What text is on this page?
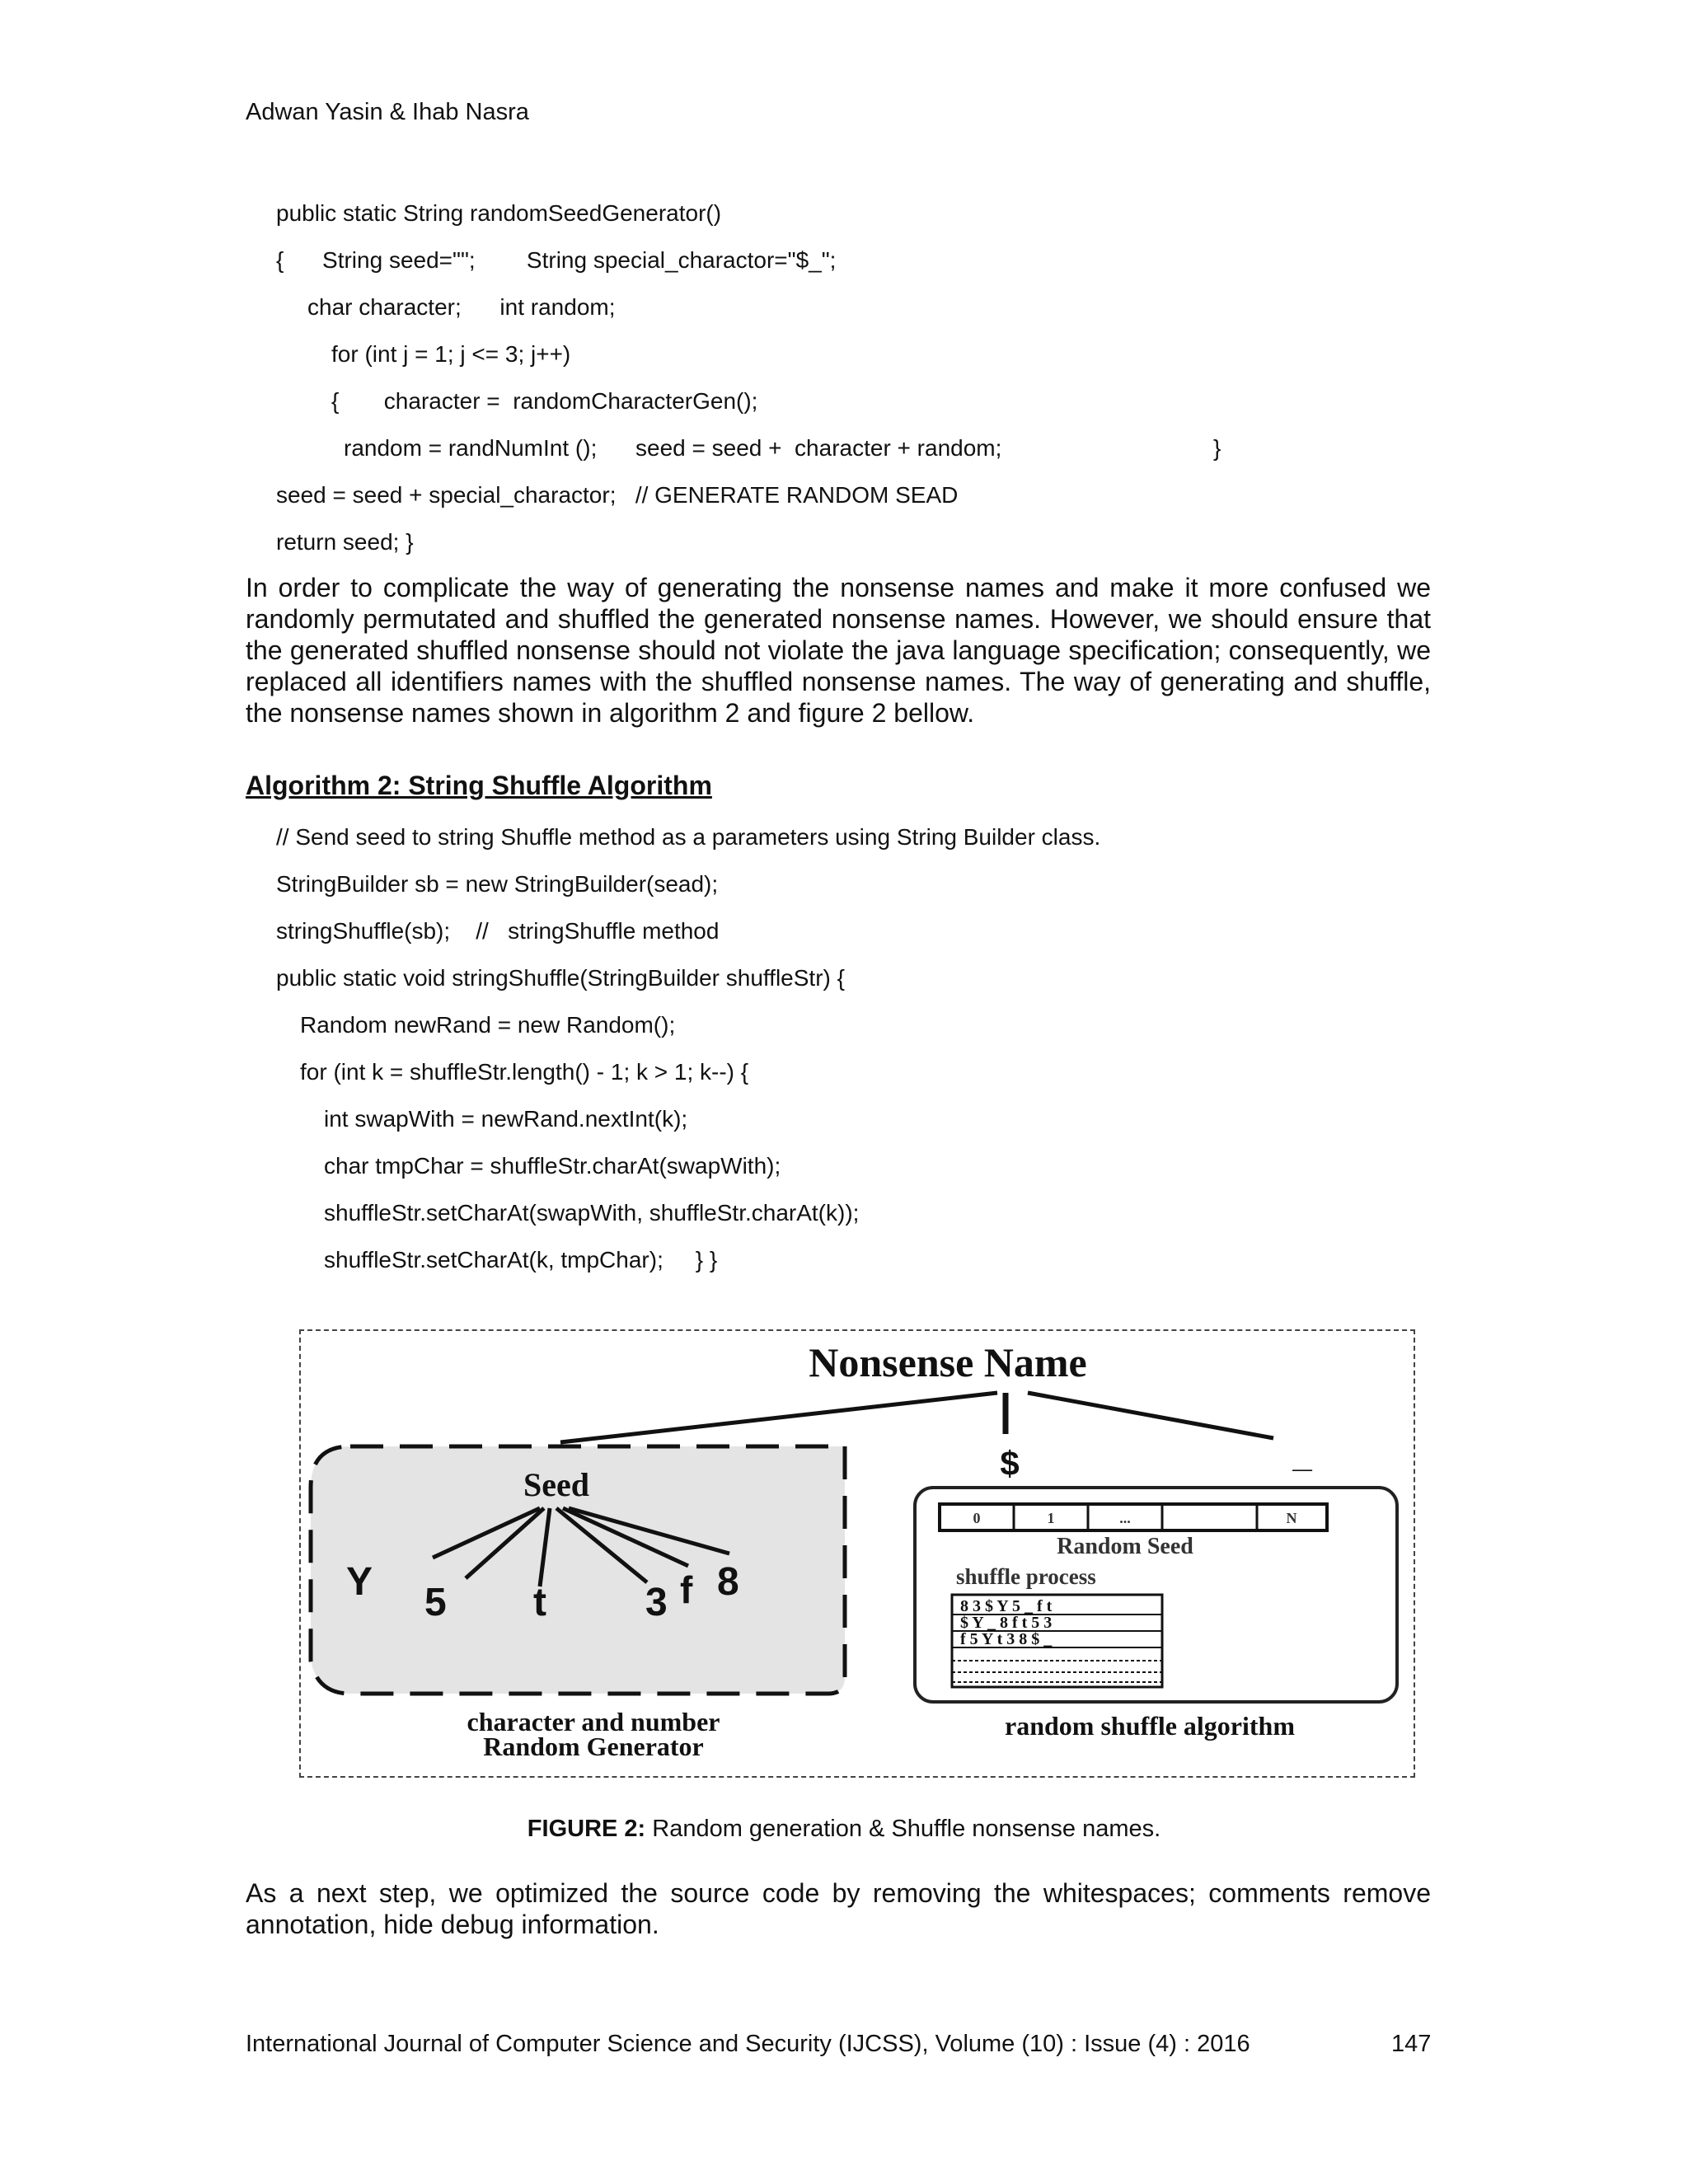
Adwan Yasin & Ihab Nasra
public static String randomSeedGenerator()
{      String seed="";        String special_charactor="$_";
char character;      int random;
for (int j = 1; j <= 3; j++)
{       character =  randomCharacterGen();
random = randNumInt ();      seed = seed +  character + random;	}
seed = seed + special_charactor;   // GENERATE RANDOM SEAD
return seed; }

In order to complicate the way of generating the nonsense names and make it more confused we randomly permutated and shuffled the generated nonsense names. However, we should ensure that the generated shuffled nonsense should not violate the java language specification; consequently, we replaced all identifiers names with the shuffled nonsense names. The way of generating and shuffle, the nonsense names shown in algorithm 2 and figure 2 bellow.

Algorithm 2: String Shuffle Algorithm
// Send seed to string Shuffle method as a parameters using String Builder class.
StringBuilder sb = new StringBuilder(sead);
stringShuffle(sb);    //   stringShuffle method
public static void stringShuffle(StringBuilder shuffleStr) {
Random newRand = new Random();
for (int k = shuffleStr.length() - 1; k > 1; k--) {
int swapWith = newRand.nextInt(k);
char tmpChar = shuffleStr.charAt(swapWith);
shuffleStr.setCharAt(swapWith, shuffleStr.charAt(k));
shuffleStr.setCharAt(k, tmpChar);     } }
Nonsense Name
Seed
Y 5 t	3 f 8
$	_
0	1	...	N
Random Seed
shuffle process
8 3 $ Y 5 _ f t
$ Y _ 8 f t 5 3
f 5 Y t 3 8 $ _
character and number
Random Generator
random shuffle algorithm
FIGURE 2: Random generation & Shuffle nonsense names.

As a next step, we optimized the source code by removing the whitespaces; comments remove annotation, hide debug information.

International Journal of Computer Science and Security (IJCSS), Volume (10) : Issue (4) : 2016	147
